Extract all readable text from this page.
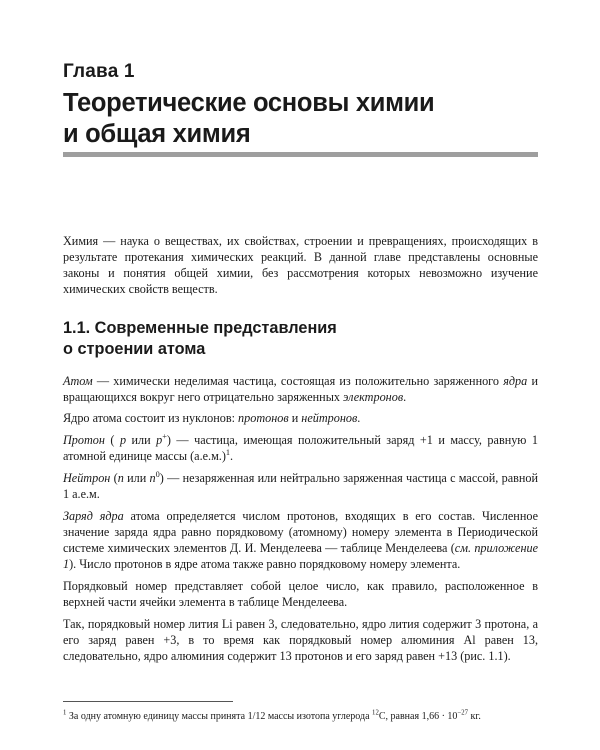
Глава 1
Теоретические основы химии
и общая химия

Химия — наука о веществах, их свойствах, строении и превращениях, происходящих в результате протекания химических реакций. В данной главе представлены основные законы и понятия общей химии, без рассмотрения которых невозможно изучение химических свойств веществ.

1.1. Современные представления
о строении атома

Атом — химически неделимая частица, состоящая из положительно заряженного ядра и вращающихся вокруг него отрицательно заряженных электронов.

Ядро атома состоит из нуклонов: протонов и нейтронов.

Протон ( p или p+) — частица, имеющая положительный заряд +1 и массу, равную 1 атомной единице массы $(а.е.м.)^1$.

Нейтрон (n или $n^0$) — незаряженная или нейтрально заряженная частица с массой, равной 1 а.е.м.

Заряд ядра атома определяется числом протонов, входящих в его состав. Численное значение заряда ядра равно порядковому (атомному) номеру элемента в Периодической системе химических элементов Д. И. Менделеева — таблице Менделеева (см. приложение 1). Число протонов в ядре атома также равно порядковому номеру элемента.

Порядковый номер представляет собой целое число, как правило, расположенное в верхней части ячейки элемента в таблице Менделеева.

Так, порядковый номер лития Li равен 3, следовательно, ядро лития содержит 3 протона, а его заряд равен +3, в то время как порядковый номер алюминия Al равен 13, следовательно, ядро алюминия содержит 13 протонов и его заряд равен +13 (рис. 1.1).

$^1$ За одну атомную единицу массы принята 1/12 массы изотопа углерода $^{12}$С, равная $1,66 \cdot 10^{-27}$ кг.
